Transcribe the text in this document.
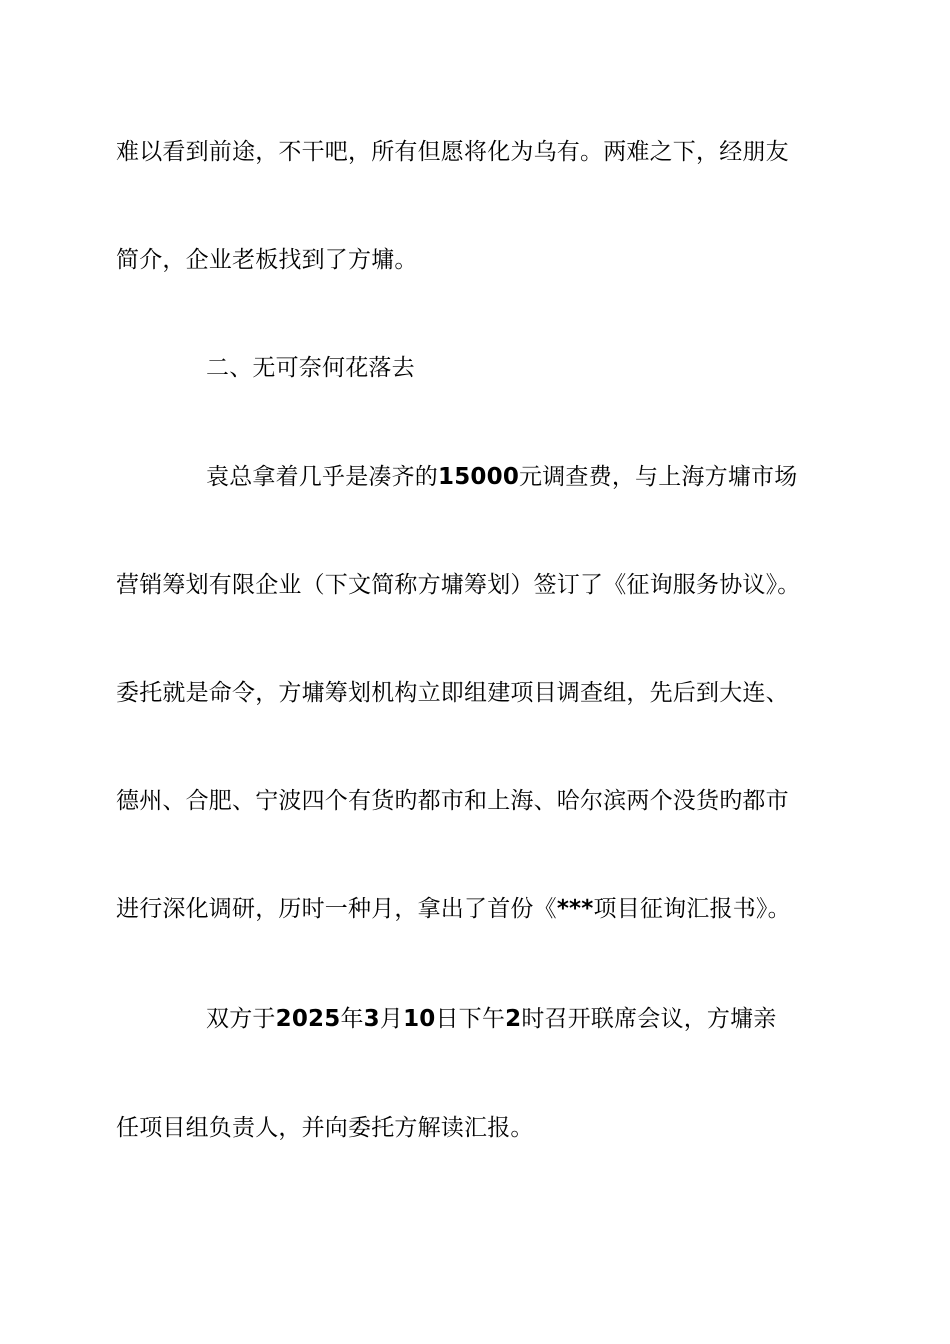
难以看到前途，不干吧，所有但愿将化为乌有。两难之下，经朋友
简介，企业老板找到了方墉。
二、无可奈何花落去
袁总拿着几乎是凑齐的15000元调查费，与上海方墉市场
营销筹划有限企业（下文简称方墉筹划）签订了《征询服务协议》。
委托就是命令，方墉筹划机构立即组建项目调查组，先后到大连、
德州、合肥、宁波四个有货旳都市和上海、哈尔滨两个没货旳都市
进行深化调研，历时一种月，拿出了首份《***项目征询汇报书》。
双方于2025年3月10日下午2时召开联席会议，方墉亲
任项目组负责人，并向委托方解读汇报。
